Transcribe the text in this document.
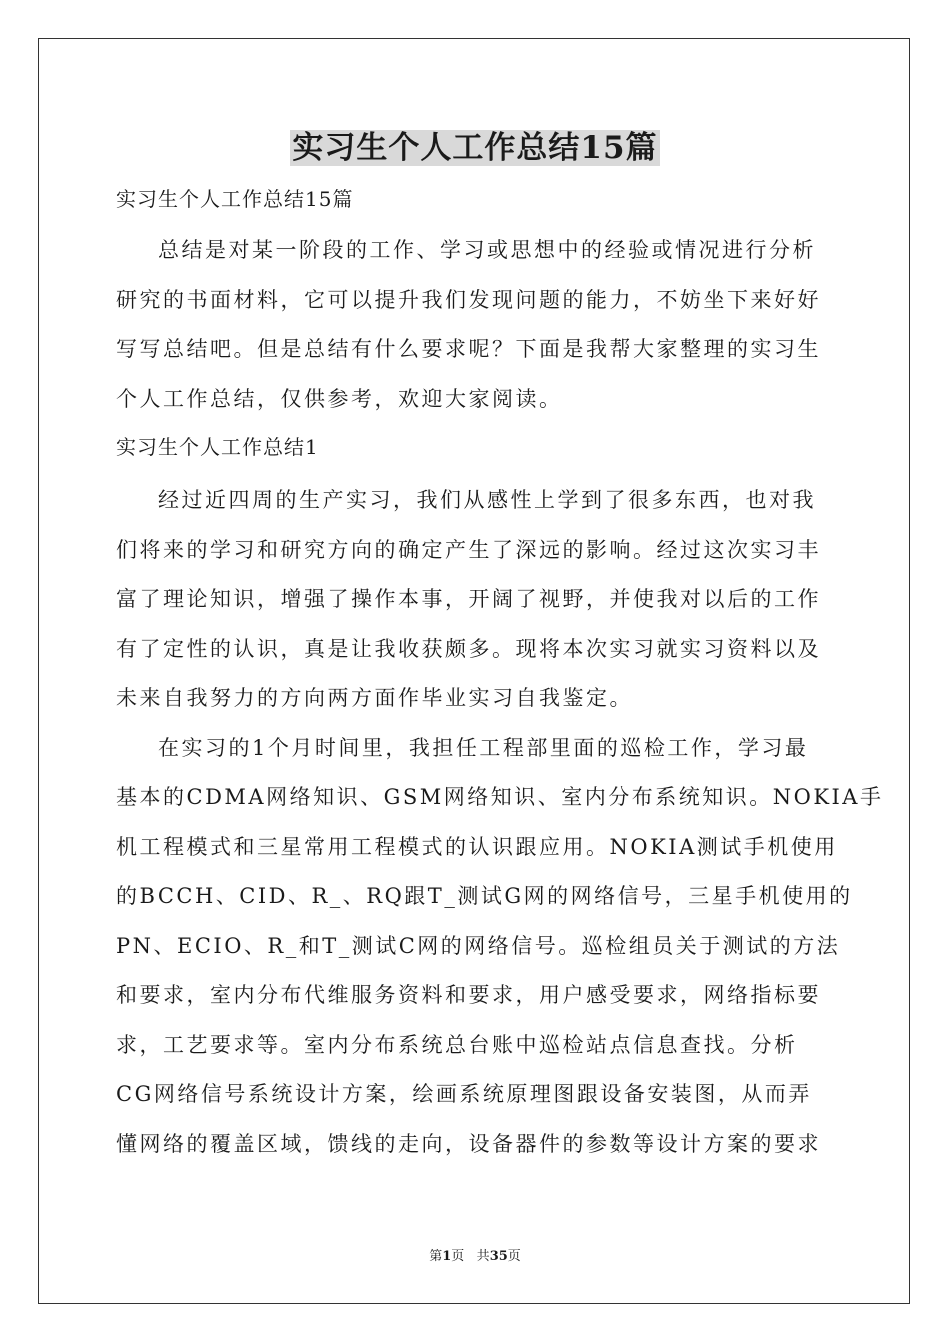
实习生个人工作总结15篇

实习生个人工作总结15篇

总结是对某一阶段的工作、学习或思想中的经验或情况进行分析
研究的书面材料，它可以提升我们发现问题的能力，不妨坐下来好好
写写总结吧。但是总结有什么要求呢？下面是我帮大家整理的实习生
个人工作总结，仅供参考，欢迎大家阅读。

实习生个人工作总结1

经过近四周的生产实习，我们从感性上学到了很多东西，也对我
们将来的学习和研究方向的确定产生了深远的影响。经过这次实习丰
富了理论知识，增强了操作本事，开阔了视野，并使我对以后的工作
有了定性的认识，真是让我收获颇多。现将本次实习就实习资料以及
未来自我努力的方向两方面作毕业实习自我鉴定。
在实习的1个月时间里，我担任工程部里面的巡检工作，学习最
基本的CDMA网络知识、GSM网络知识、室内分布系统知识。NOKIA手
机工程模式和三星常用工程模式的认识跟应用。NOKIA测试手机使用
的BCCH、CID、R_、RQ跟T_测试G网的网络信号，三星手机使用的
PN、ECIO、R_和T_测试C网的网络信号。巡检组员关于测试的方法
和要求，室内分布代维服务资料和要求，用户感受要求，网络指标要
求，工艺要求等。室内分布系统总台账中巡检站点信息查找。分析
CG网络信号系统设计方案，绘画系统原理图跟设备安装图，从而弄
懂网络的覆盖区域，馈线的走向，设备器件的参数等设计方案的要求
第1页 共35页
